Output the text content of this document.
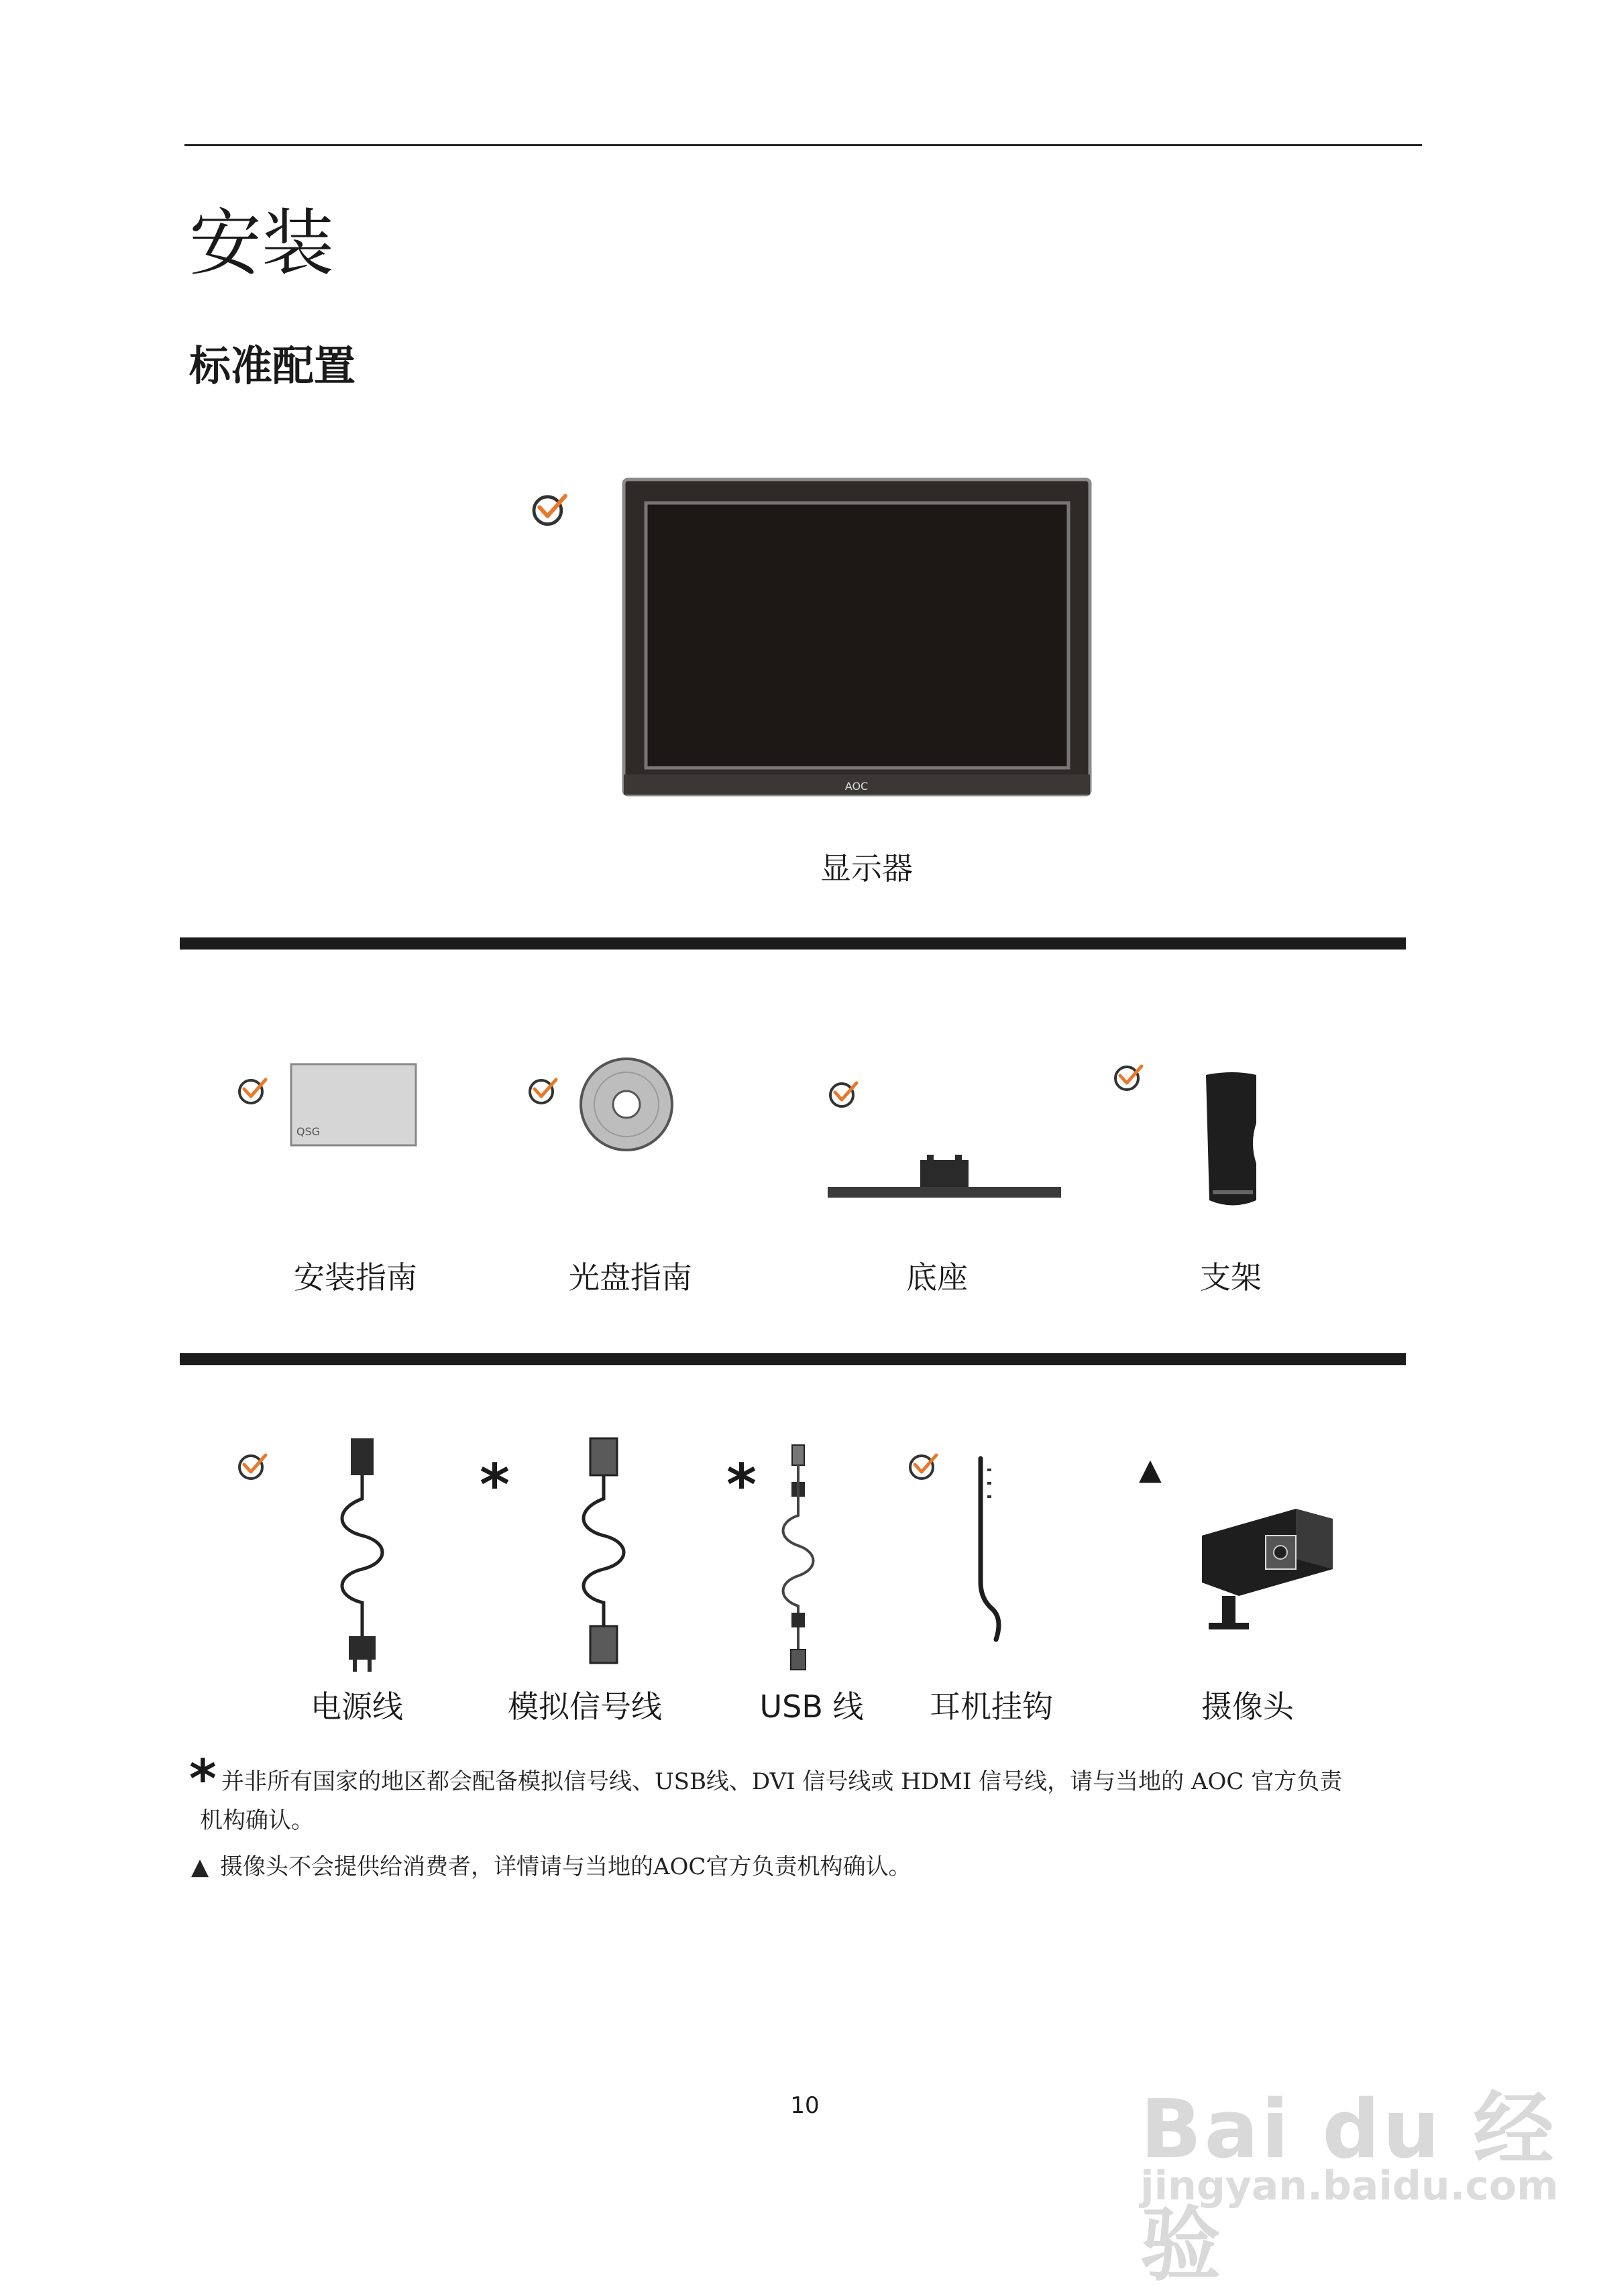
安装
标准配置
AOC
显示器
QSG
安装指南	光盘指南	底座	支架
电源线
*
模拟信号线
*
USB 线	耳机挂钩
▲
摄像头
* 并非所有国家的地区都会配备模拟信号线、USB线、DVI 信号线或 HDMI 信号线，请与当地的 AOC 官方负责
机构确认。
▲ 摄像头不会提供给消费者，详情请与当地的AOC官方负责机构确认。
10	Bai du 经验
jingyan.baidu.com
